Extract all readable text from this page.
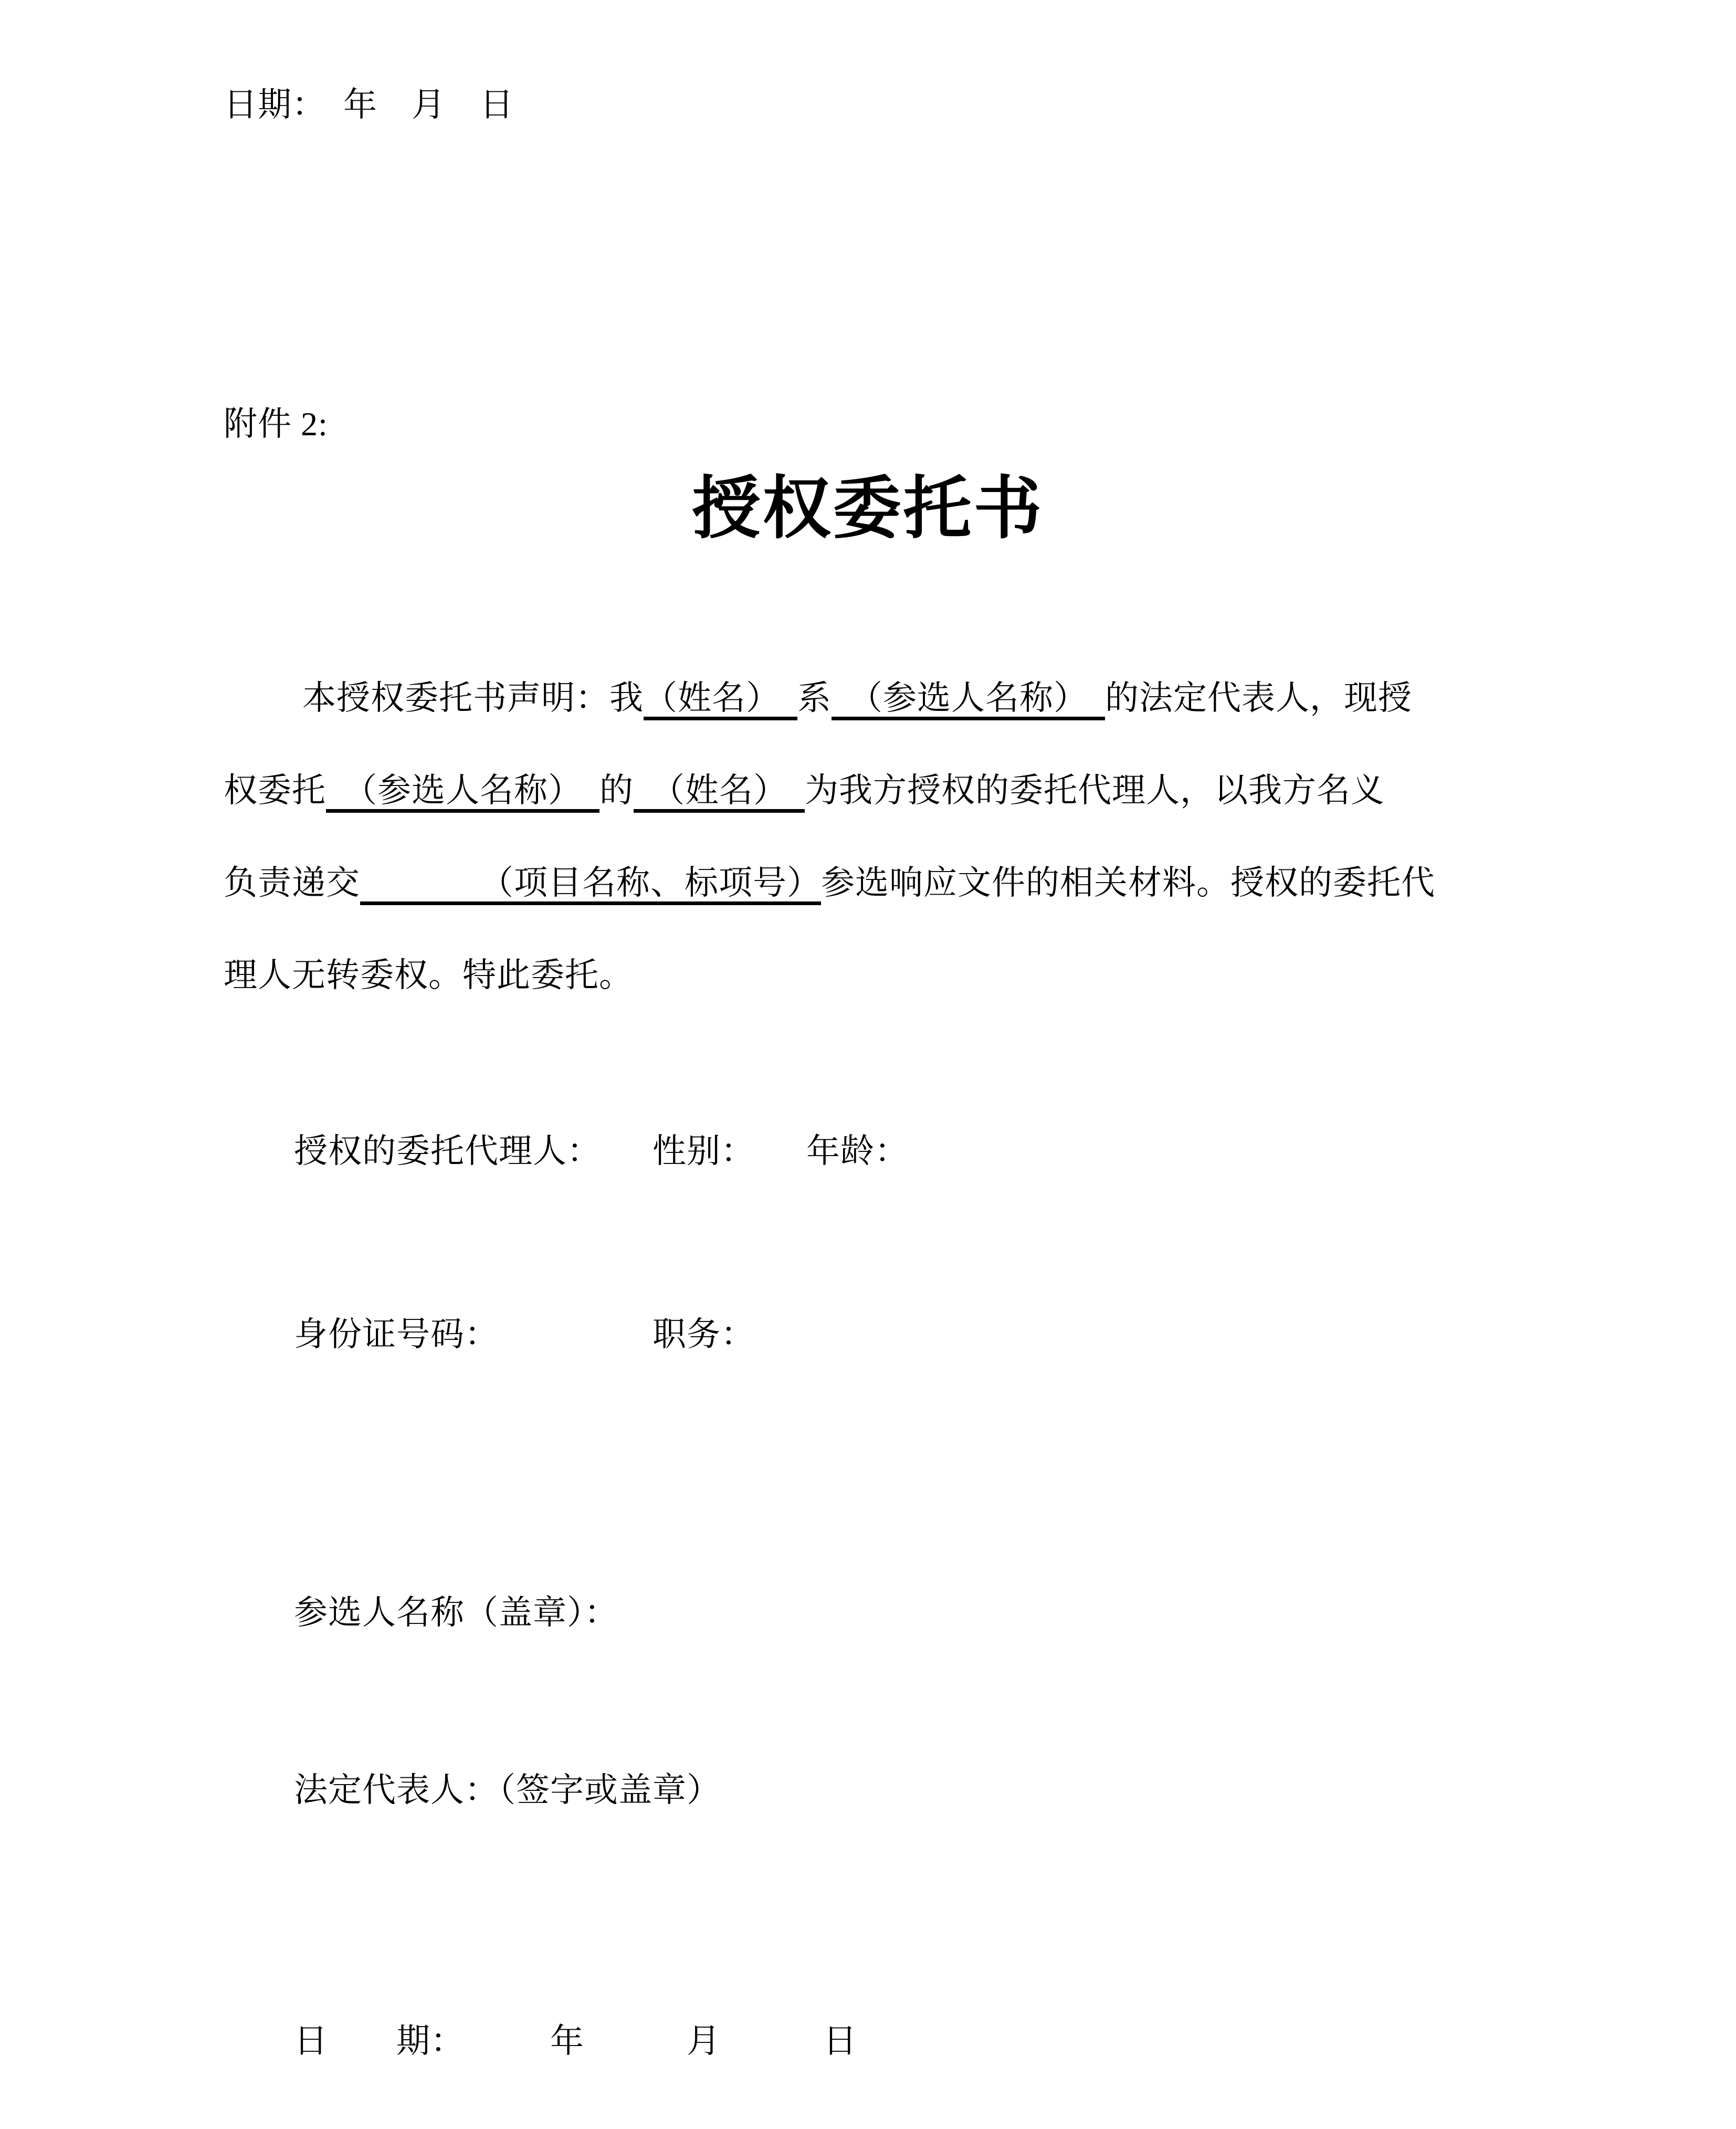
日期：　年　月　日
附件 2:
授权委托书
本授权委托书声明：我（姓名）　系　（参选人名称）　的法定代表人，现授
权委托　（参选人名称）　的　（姓名）　为我方授权的委托代理人，以我方名义
负责递交　　　　（项目名称、标项号）参选响应文件的相关材料。授权的委托代
理人无转委权。特此委托。
授权的委托代理人：　　性别：　　年龄：
身份证号码：　　　　　职务：
参选人名称（盖章）：
法定代表人：（签字或盖章）
日　　期：　　　年　　　月　　　日
